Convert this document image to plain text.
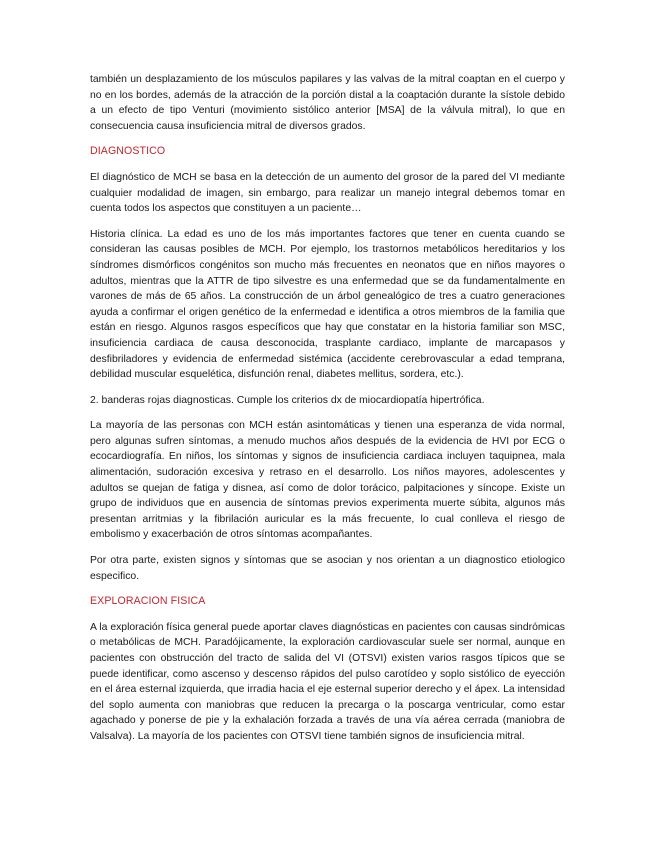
también un desplazamiento de los músculos papilares y las valvas de la mitral coaptan en el cuerpo y no en los bordes, además de la atracción de la porción distal a la coaptación durante la sístole debido a un efecto de tipo Venturi (movimiento sistólico anterior [MSA] de la válvula mitral), lo que en consecuencia causa insuficiencia mitral de diversos grados.

DIAGNOSTICO

El diagnóstico de MCH se basa en la detección de un aumento del grosor de la pared del VI mediante cualquier modalidad de imagen, sin embargo, para realizar un manejo integral debemos tomar en cuenta todos los aspectos que constituyen a un paciente…

Historia clínica. La edad es uno de los más importantes factores que tener en cuenta cuando se consideran las causas posibles de MCH. Por ejemplo, los trastornos metabólicos hereditarios y los síndromes dismórficos congénitos son mucho más frecuentes en neonatos que en niños mayores o adultos, mientras que la ATTR de tipo silvestre es una enfermedad que se da fundamentalmente en varones de más de 65 años. La construcción de un árbol genealógico de tres a cuatro generaciones ayuda a confirmar el origen genético de la enfermedad e identifica a otros miembros de la familia que están en riesgo. Algunos rasgos específicos que hay que constatar en la historia familiar son MSC, insuficiencia cardiaca de causa desconocida, trasplante cardiaco, implante de marcapasos y desfibriladores y evidencia de enfermedad sistémica (accidente cerebrovascular a edad temprana, debilidad muscular esquelética, disfunción renal, diabetes mellitus, sordera, etc.).

2. banderas rojas diagnosticas. Cumple los criterios dx de miocardiopatía hipertrófica.

La mayoría de las personas con MCH están asintomáticas y tienen una esperanza de vida normal, pero algunas sufren síntomas, a menudo muchos años después de la evidencia de HVI por ECG o ecocardiografía. En niños, los síntomas y signos de insuficiencia cardiaca incluyen taquipnea, mala alimentación, sudoración excesiva y retraso en el desarrollo. Los niños mayores, adolescentes y adultos se quejan de fatiga y disnea, así como de dolor torácico, palpitaciones y síncope. Existe un grupo de individuos que en ausencia de síntomas previos experimenta muerte súbita, algunos más presentan arritmias y la fibrilación auricular es la más frecuente, lo cual conlleva el riesgo de embolismo y exacerbación de otros síntomas acompañantes.

Por otra parte, existen signos y síntomas que se asocian y nos orientan a un diagnostico etiologico especifico.

EXPLORACION FISICA

A la exploración física general puede aportar claves diagnósticas en pacientes con causas sindrómicas o metabólicas de MCH. Paradójicamente, la exploración cardiovascular suele ser normal, aunque en pacientes con obstrucción del tracto de salida del VI (OTSVI) existen varios rasgos típicos que se puede identificar, como ascenso y descenso rápidos del pulso carotídeo y soplo sistólico de eyección en el área esternal izquierda, que irradia hacia el eje esternal superior derecho y el ápex. La intensidad del soplo aumenta con maniobras que reducen la precarga o la poscarga ventricular, como estar agachado y ponerse de pie y la exhalación forzada a través de una vía aérea cerrada (maniobra de Valsalva). La mayoría de los pacientes con OTSVI tiene también signos de insuficiencia mitral.
